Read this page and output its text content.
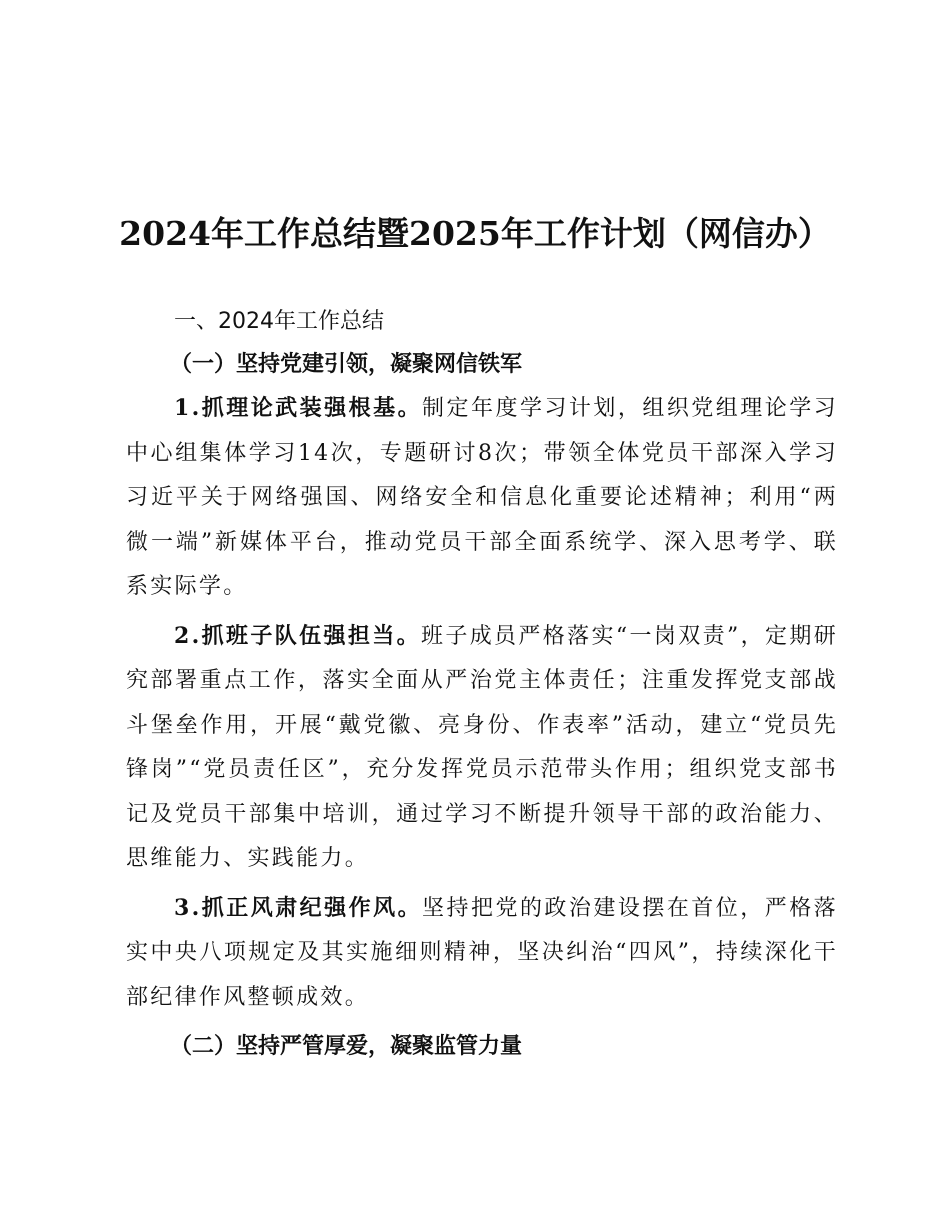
2024年工作总结暨2025年工作计划（网信办）

一、2024年工作总结

（一）坚持党建引领，凝聚网信铁军

1.抓理论武装强根基。制定年度学习计划，组织党组理论学习中心组集体学习14次，专题研讨8次；带领全体党员干部深入学习习近平关于网络强国、网络安全和信息化重要论述精神；利用“两微一端”新媒体平台，推动党员干部全面系统学、深入思考学、联系实际学。

2.抓班子队伍强担当。班子成员严格落实“一岗双责”，定期研究部署重点工作，落实全面从严治党主体责任；注重发挥党支部战斗堡垒作用，开展“戴党徽、亮身份、作表率”活动，建立“党员先锋岗”“党员责任区”，充分发挥党员示范带头作用；组织党支部书记及党员干部集中培训，通过学习不断提升领导干部的政治能力、思维能力、实践能力。

3.抓正风肃纪强作风。坚持把党的政治建设摆在首位，严格落实中央八项规定及其实施细则精神，坚决纠治“四风”，持续深化干部纪律作风整顿成效。

（二）坚持严管厚爱，凝聚监管力量
